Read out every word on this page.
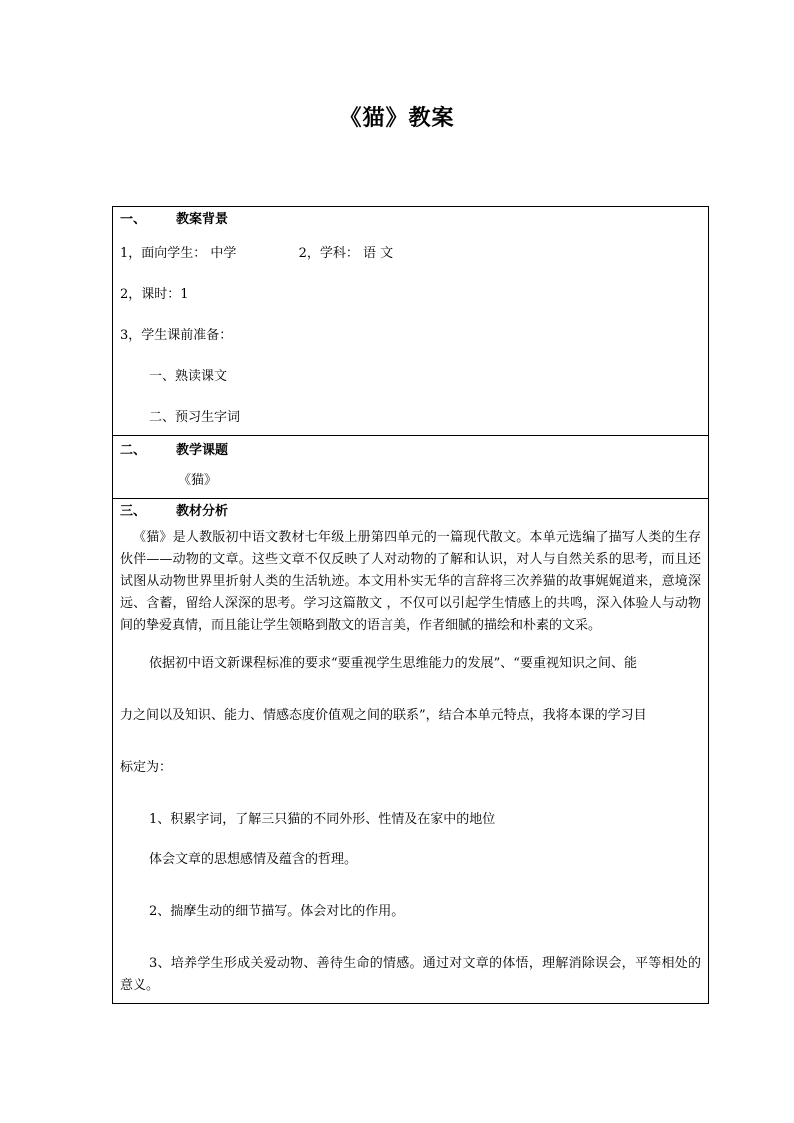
《猫》教案
一、 教案背景
1，面向学生： 中学	2，学科： 语 文
2，课时：1
3，学生课前准备：
一、熟读课文
二、预习生字词

二、 教学课题
《猫》

三、 教材分析
《猫》是人教版初中语文教材七年级上册第四单元的一篇现代散文。本单元选编了描写人类的生存伙伴——动物的文章。这些文章不仅反映了人对动物的了解和认识，对人与自然关系的思考，而且还试图从动物世界里折射人类的生活轨迹。本文用朴实无华的言辞将三次养猫的故事娓娓道来，意境深远、含蓄，留给人深深的思考。学习这篇散文 ，不仅可以引起学生情感上的共鸣，深入体验人与动物间的挚爱真情，而且能让学生领略到散文的语言美，作者细腻的描绘和朴素的文采。
依据初中语文新课程标准的要求“要重视学生思维能力的发展”、“要重视知识之间、能
力之间以及知识、能力、情感态度价值观之间的联系”，结合本单元特点，我将本课的学习目
标定为：
1、积累字词，了解三只猫的不同外形、性情及在家中的地位
体会文章的思想感情及蕴含的哲理。
2、揣摩生动的细节描写。体会对比的作用。
3、培养学生形成关爱动物、善待生命的情感。通过对文章的体悟，理解消除误会，平等相处的意义。
